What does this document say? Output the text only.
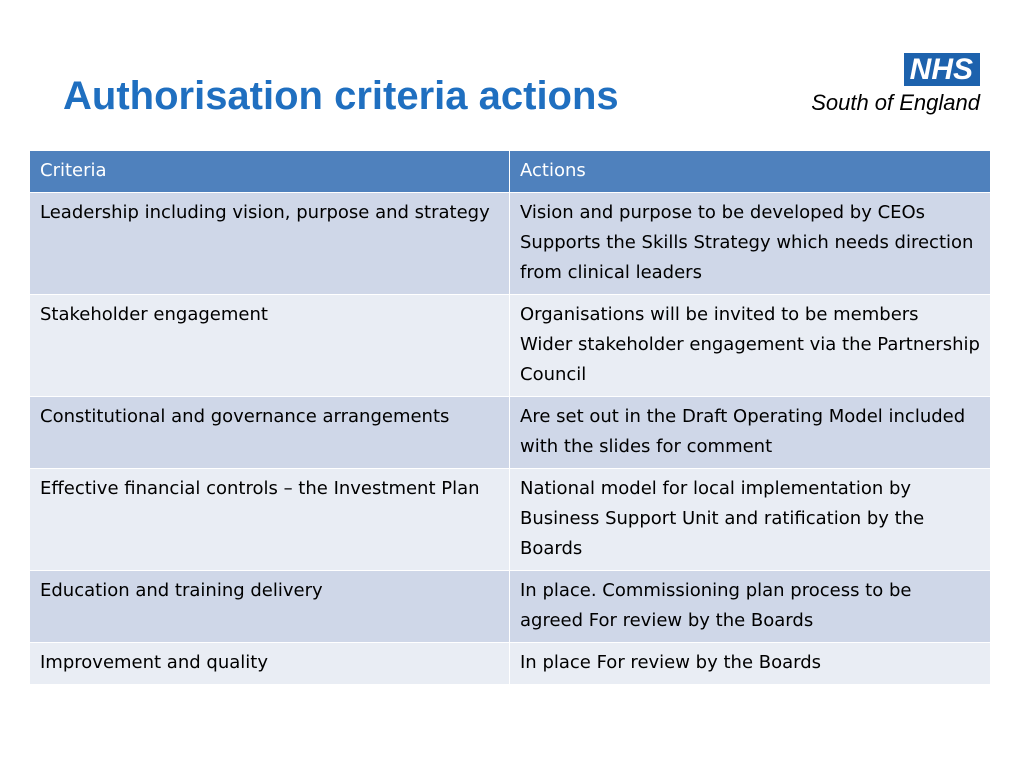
Authorisation criteria actions
NHS
South of England
Criteria	Actions
Leadership including vision, purpose and strategy	Vision and purpose to be developed by CEOs
Supports the Skills Strategy which needs direction from clinical leaders

Stakeholder engagement	Organisations will be invited to be members
Wider stakeholder engagement via the Partnership Council

Constitutional and governance arrangements	Are set out in the Draft Operating Model included with the slides for comment

Effective financial controls – the Investment Plan	National model for local implementation by Business Support Unit and ratification by the Boards

Education and training delivery	In place. Commissioning plan process to be agreed For review by the Boards

Improvement and quality	In place For review by the Boards
